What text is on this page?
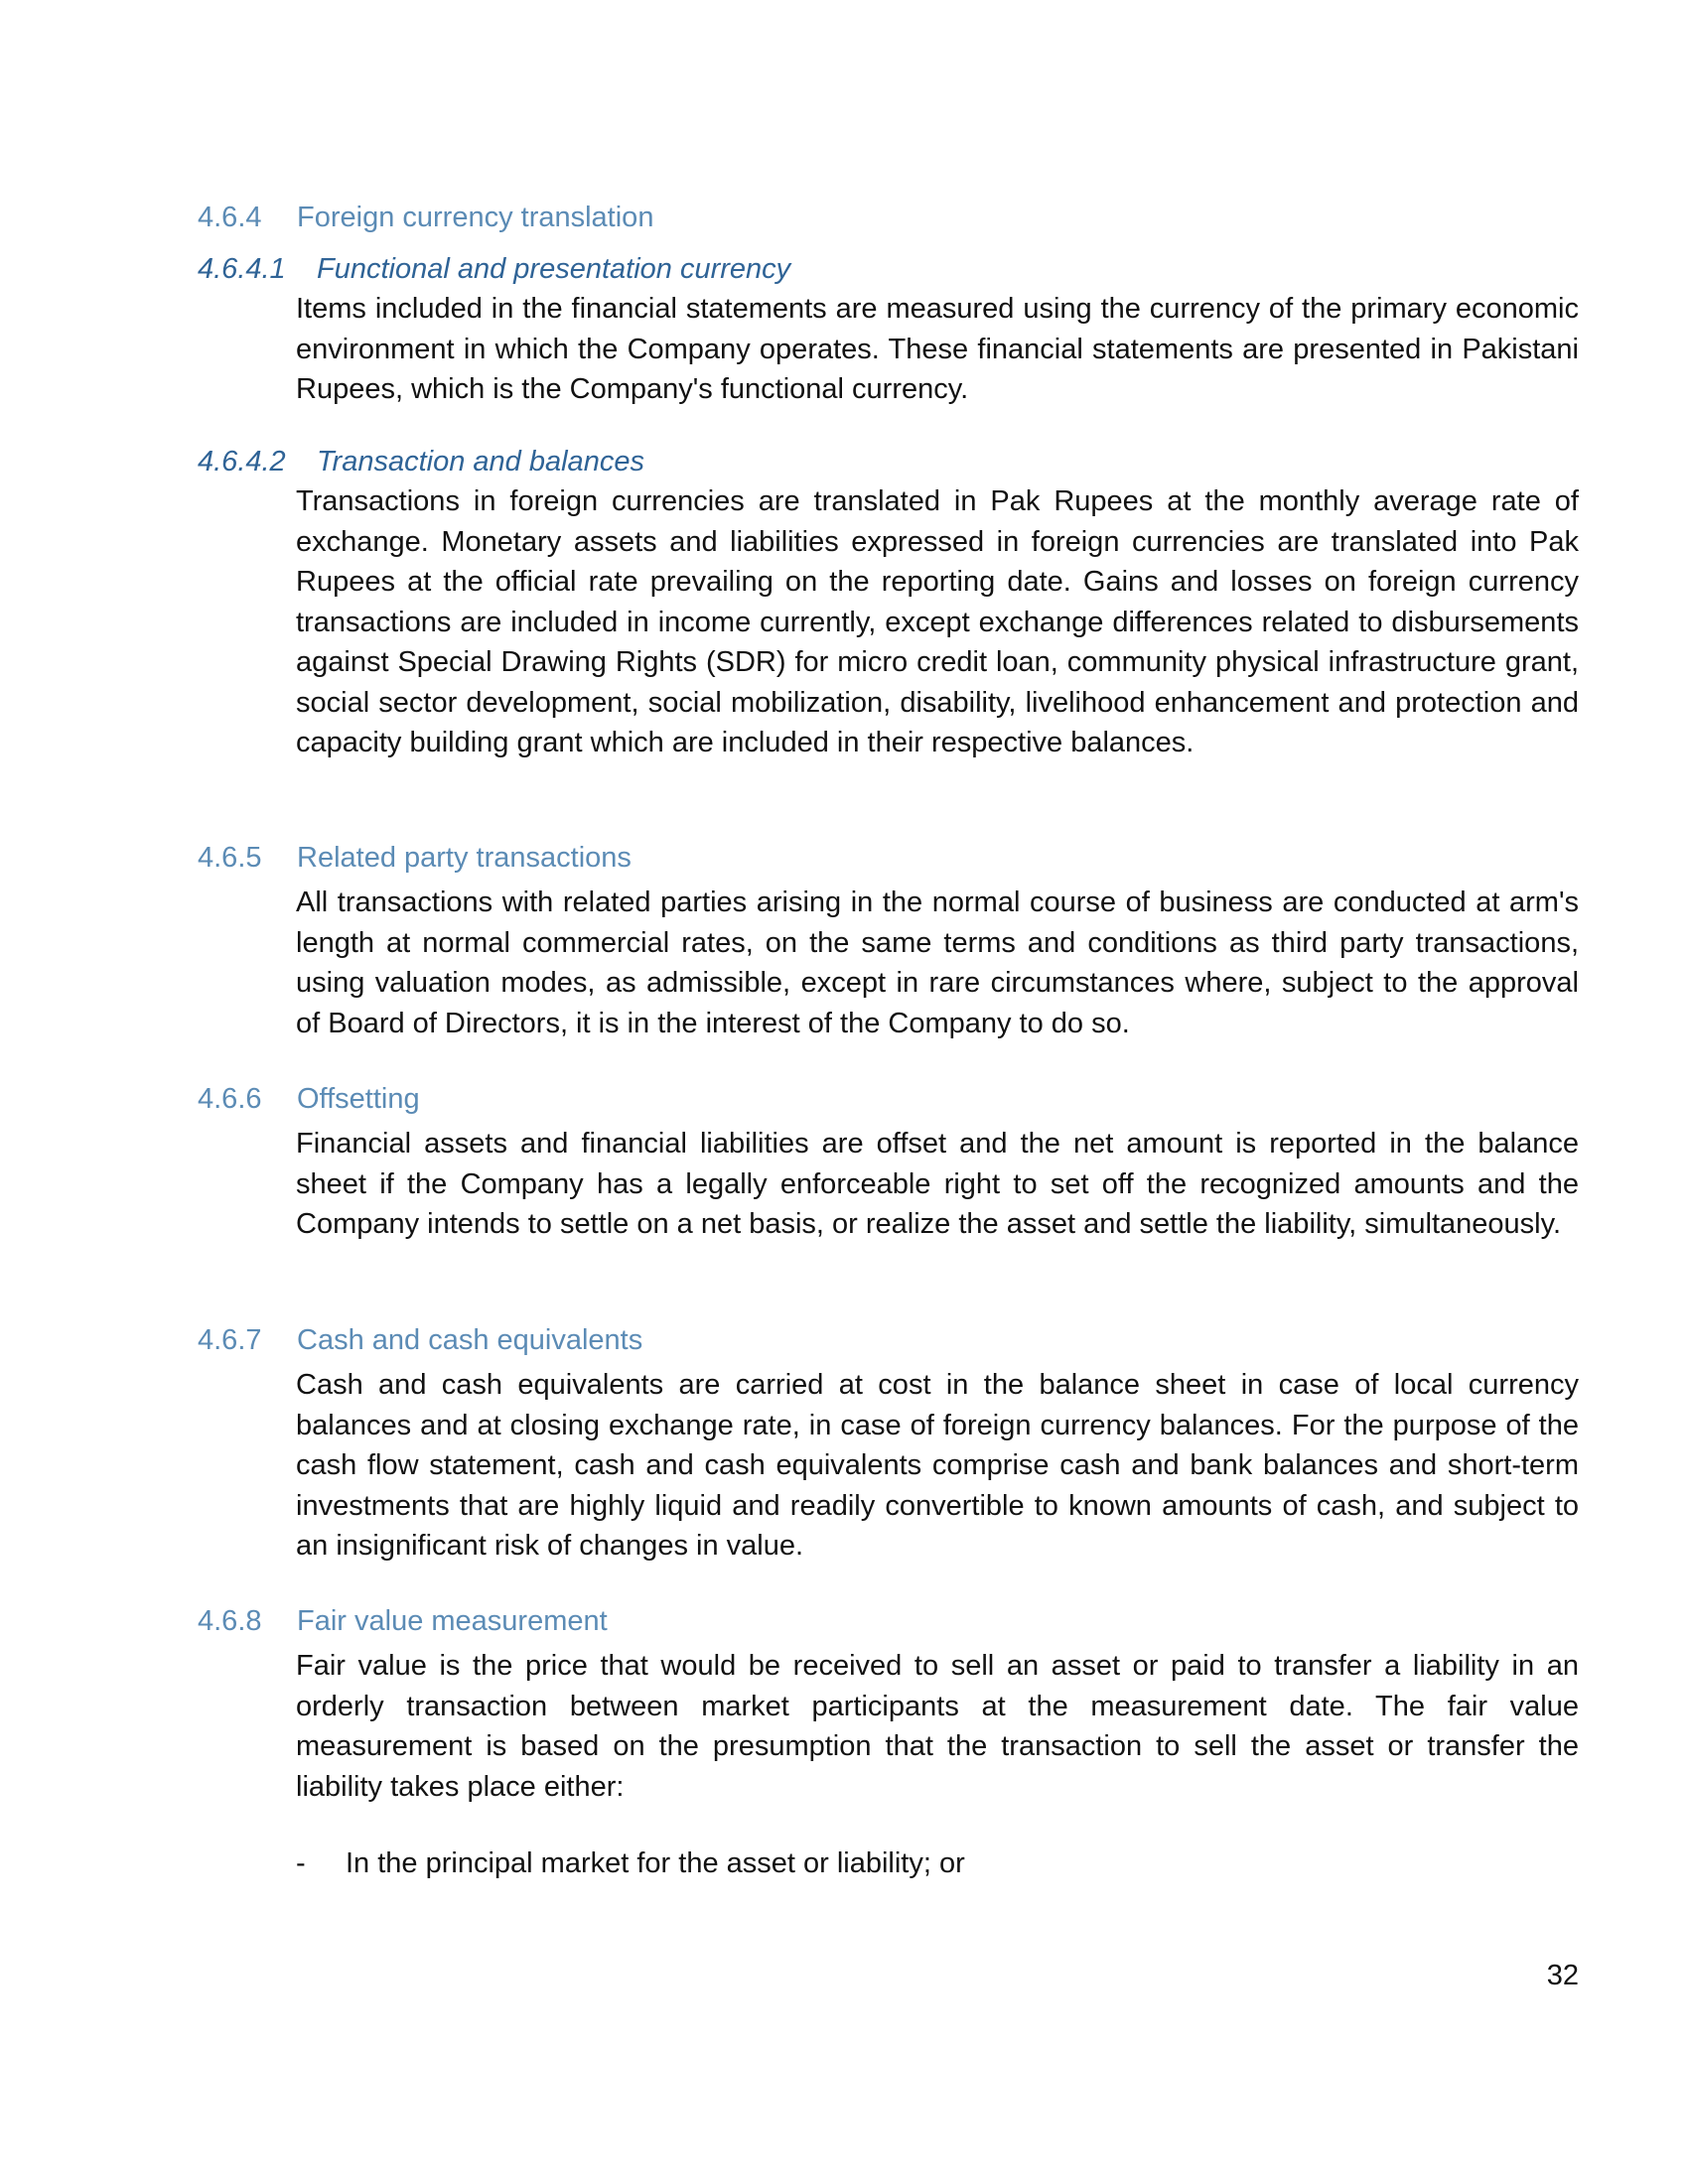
4.6.4 Foreign currency translation
4.6.4.1 Functional and presentation currency

Items included in the financial statements are measured using the currency of the primary economic environment in which the Company operates. These financial statements are presented in Pakistani Rupees, which is the Company's functional currency.

4.6.4.2 Transaction and balances

Transactions in foreign currencies are translated in Pak Rupees at the monthly average rate of exchange. Monetary assets and liabilities expressed in foreign currencies are translated into Pak Rupees at the official rate prevailing on the reporting date. Gains and losses on foreign currency transactions are included in income currently, except exchange differences related to disbursements against Special Drawing Rights (SDR) for micro credit loan, community physical infrastructure grant, social sector development, social mobilization, disability, livelihood enhancement and protection and capacity building grant which are included in their respective balances.

4.6.5 Related party transactions

All transactions with related parties arising in the normal course of business are conducted at arm's length at normal commercial rates, on the same terms and conditions as third party transactions, using valuation modes, as admissible, except in rare circumstances where, subject to the approval of Board of Directors, it is in the interest of the Company to do so.

4.6.6 Offsetting

Financial assets and financial liabilities are offset and the net amount is reported in the balance sheet if the Company has a legally enforceable right to set off the recognized amounts and the Company intends to settle on a net basis, or realize the asset and settle the liability, simultaneously.

4.6.7 Cash and cash equivalents

Cash and cash equivalents are carried at cost in the balance sheet in case of local currency balances and at closing exchange rate, in case of foreign currency balances. For the purpose of the cash flow statement, cash and cash equivalents comprise cash and bank balances and short-term investments that are highly liquid and readily convertible to known amounts of cash, and subject to an insignificant risk of changes in value.

4.6.8 Fair value measurement

Fair value is the price that would be received to sell an asset or paid to transfer a liability in an orderly transaction between market participants at the measurement date. The fair value measurement is based on the presumption that the transaction to sell the asset or transfer the liability takes place either:

- In the principal market for the asset or liability; or
32
